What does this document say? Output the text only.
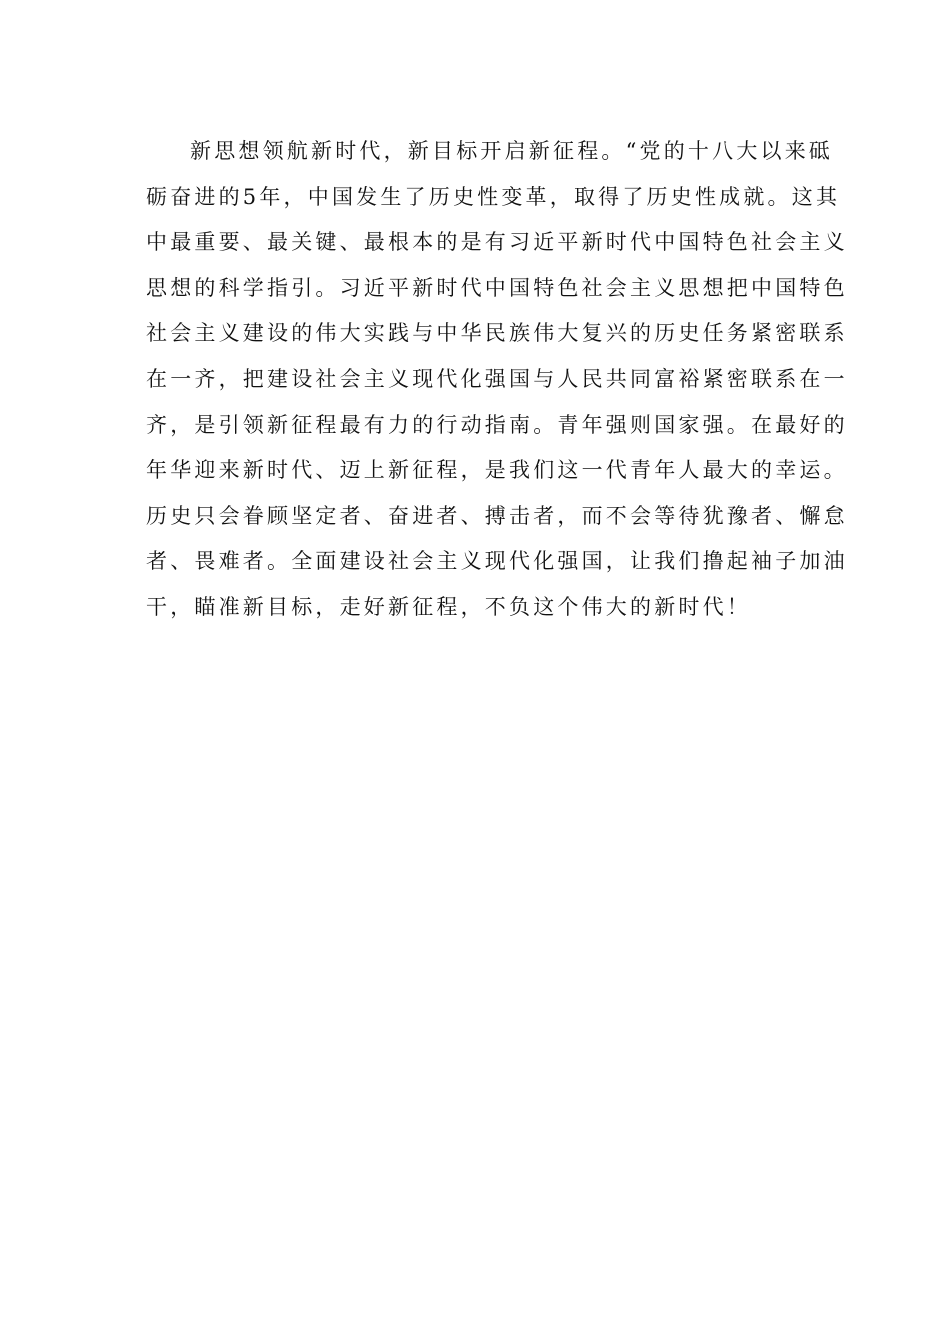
新思想领航新时代，新目标开启新征程。“党的十八大以来砥
砺奋进的5年，中国发生了历史性变革，取得了历史性成就。这其
中最重要、最关键、最根本的是有习近平新时代中国特色社会主义
思想的科学指引。习近平新时代中国特色社会主义思想把中国特色
社会主义建设的伟大实践与中华民族伟大复兴的历史任务紧密联系
在一齐，把建设社会主义现代化强国与人民共同富裕紧密联系在一
齐，是引领新征程最有力的行动指南。青年强则国家强。在最好的
年华迎来新时代、迈上新征程，是我们这一代青年人最大的幸运。
历史只会眷顾坚定者、奋进者、搏击者，而不会等待犹豫者、懈怠
者、畏难者。全面建设社会主义现代化强国，让我们撸起袖子加油
干，瞄准新目标，走好新征程，不负这个伟大的新时代！
